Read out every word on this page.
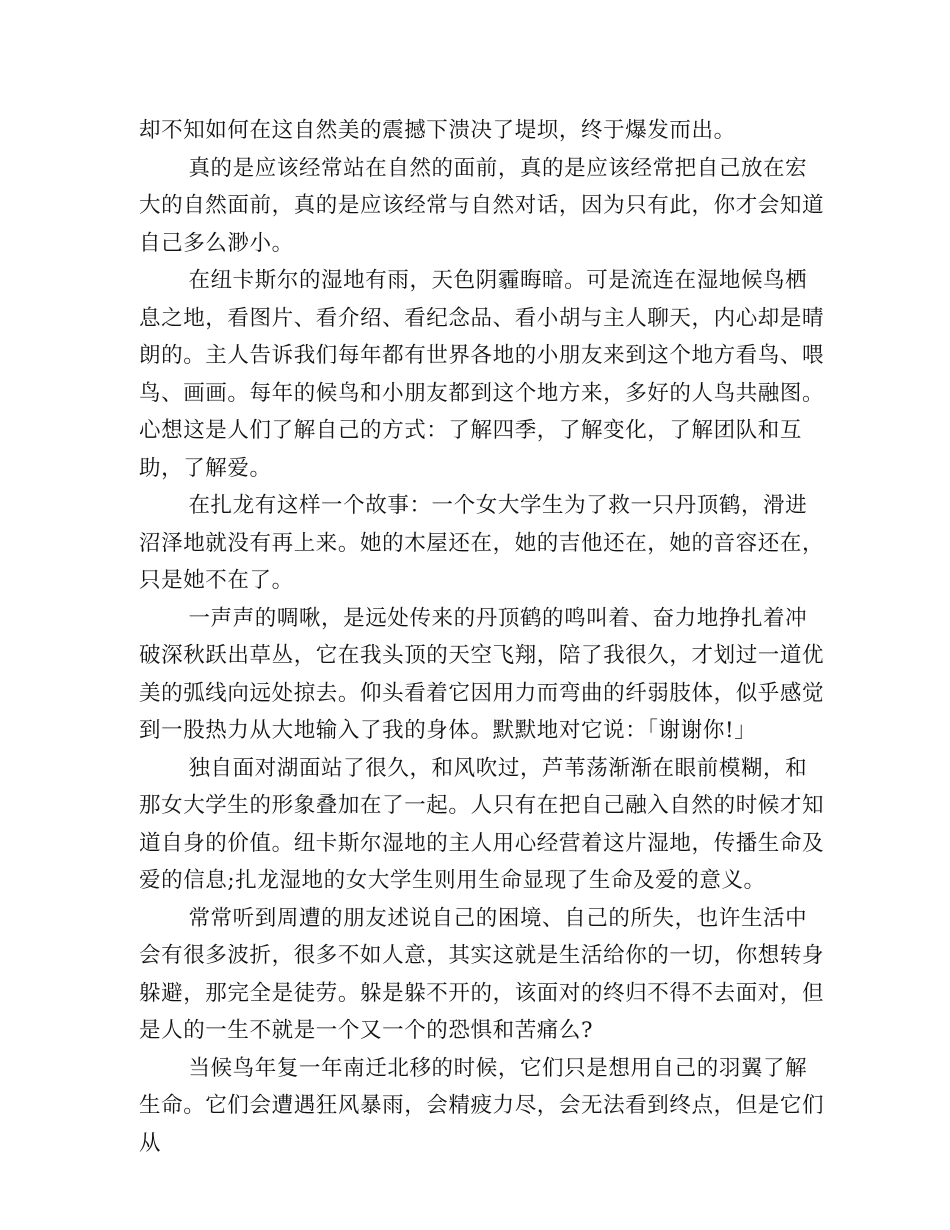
却不知如何在这自然美的震撼下溃决了堤坝，终于爆发而出。

真的是应该经常站在自然的面前，真的是应该经常把自己放在宏大的自然面前，真的是应该经常与自然对话，因为只有此，你才会知道自己多么渺小。

在纽卡斯尔的湿地有雨，天色阴霾晦暗。可是流连在湿地候鸟栖息之地，看图片、看介绍、看纪念品、看小胡与主人聊天，内心却是晴朗的。主人告诉我们每年都有世界各地的小朋友来到这个地方看鸟、喂鸟、画画。每年的候鸟和小朋友都到这个地方来，多好的人鸟共融图。心想这是人们了解自己的方式：了解四季，了解变化，了解团队和互助，了解爱。

在扎龙有这样一个故事：一个女大学生为了救一只丹顶鹤，滑进沼泽地就没有再上来。她的木屋还在，她的吉他还在，她的音容还在，只是她不在了。

一声声的啁啾，是远处传来的丹顶鹤的鸣叫着、奋力地挣扎着冲破深秋跃出草丛，它在我头顶的天空飞翔，陪了我很久，才划过一道优美的弧线向远处掠去。仰头看着它因用力而弯曲的纤弱肢体，似乎感觉到一股热力从大地输入了我的身体。默默地对它说：「谢谢你!」

独自面对湖面站了很久，和风吹过，芦苇荡渐渐在眼前模糊，和那女大学生的形象叠加在了一起。人只有在把自己融入自然的时候才知道自身的价值。纽卡斯尔湿地的主人用心经营着这片湿地，传播生命及爱的信息;扎龙湿地的女大学生则用生命显现了生命及爱的意义。

常常听到周遭的朋友述说自己的困境、自己的所失，也许生活中会有很多波折，很多不如人意，其实这就是生活给你的一切，你想转身躲避，那完全是徒劳。躲是躲不开的，该面对的终归不得不去面对，但是人的一生不就是一个又一个的恐惧和苦痛么?

当候鸟年复一年南迁北移的时候，它们只是想用自己的羽翼了解生命。它们会遭遇狂风暴雨，会精疲力尽，会无法看到终点，但是它们从
